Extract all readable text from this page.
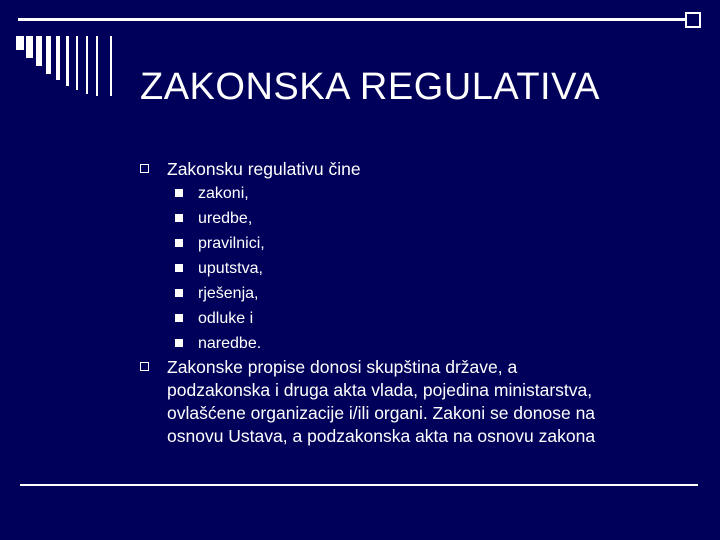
ZAKONSKA REGULATIVA
Zakonsku regulativu čine
zakoni,
uredbe,
pravilnici,
uputstva,
rješenja,
odluke i
naredbe.
Zakonske propise donosi skupština države, a
podzakonska i druga akta vlada, pojedina ministarstva,
ovlašćene organizacije i/ili organi. Zakoni se donose na
osnovu Ustava, a podzakonska akta na osnovu zakona
